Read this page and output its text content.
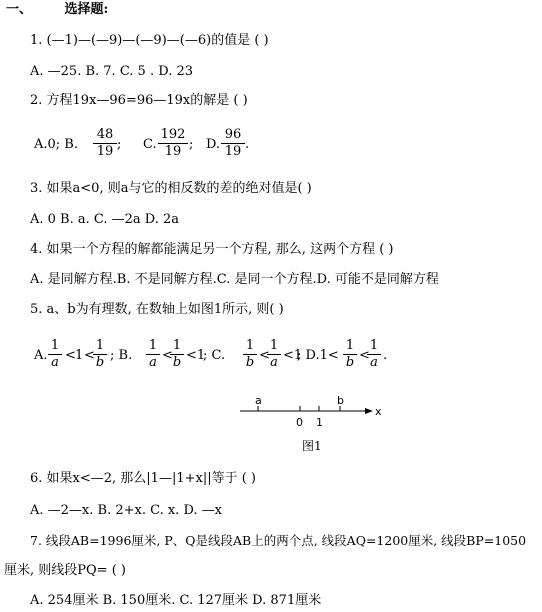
一、	选择题:
1. (—1)—(—9)—(—9)—(—6)的值是 ( )
A. —25. B. 7. C. 5 . D. 23
2. 方程19x—96=96—19x的解是 ( )
A.0; B. $\frac{48}{19}$ ; C. $\frac{192}{19}$ ; D. $\frac{96}{19}$ .
3. 如果a<0, 则a与它的相反数的差的绝对值是( )
A. 0 B. a. C. —2a D. 2a
4. 如果一个方程的解都能满足另一个方程, 那么, 这两个方程 ( )
A. 是同解方程.B. 不是同解方程.C. 是同一个方程.D. 可能不是同解方程
5. a、b为有理数, 在数轴上如图1所示, 则( )
A. $\frac{1}{a} < 1$ <
$\frac{1}{b}$ ; B. $\frac{1}{a}$ <
$\frac{1}{b} <1$
; C. $\frac{1}{b}$ <
$\frac{1}{a} <1$
; $D.1< \frac{1}{b}$ <
$\frac{1}{a}$ .
a	b
0 1
x
图1
6. 如果x<—2, 那么|1—|1+x||等于 ( )
A. —2—x. B. 2+x. C. x. D. —x
7. 线段AB=1996厘米, P、Q是线段AB上的两个点, 线段AQ=1200厘米, 线段BP=1050
厘米, 则线段PQ= ( )
A. 254厘米 B. 150厘米. C. 127厘米 D. 871厘米
